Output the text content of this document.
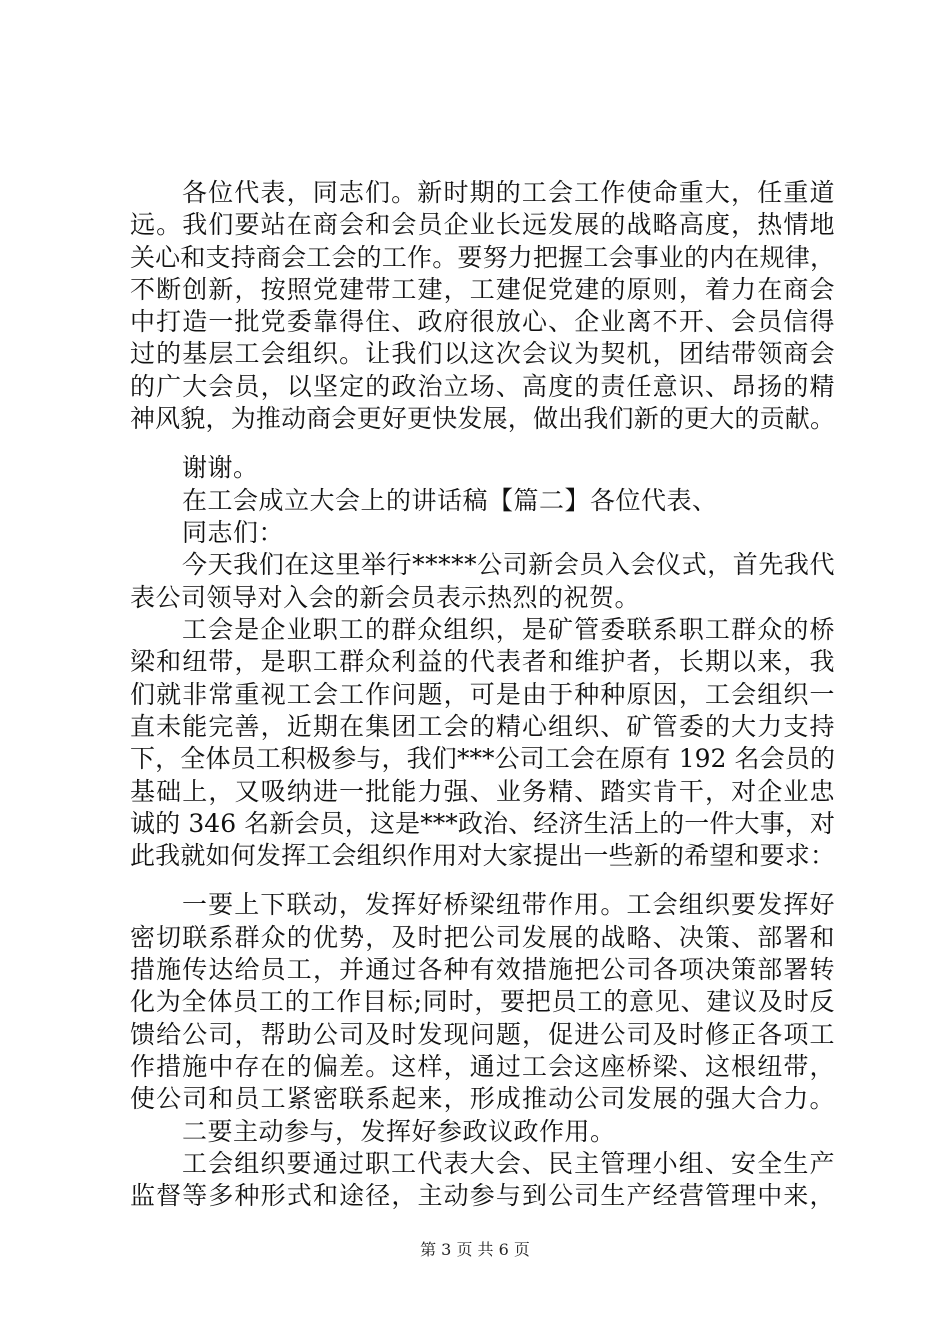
各位代表，同志们。新时期的工会工作使命重大，任重道
远。我们要站在商会和会员企业长远发展的战略高度，热情地
关心和支持商会工会的工作。要努力把握工会事业的内在规律，
不断创新，按照党建带工建，工建促党建的原则，着力在商会
中打造一批党委靠得住、政府很放心、企业离不开、会员信得
过的基层工会组织。让我们以这次会议为契机，团结带领商会
的广大会员，以坚定的政治立场、高度的责任意识、昂扬的精
神风貌，为推动商会更好更快发展，做出我们新的更大的贡献。
谢谢。
在工会成立大会上的讲话稿【篇二】各位代表、
同志们：
今天我们在这里举行*****公司新会员入会仪式，首先我代
表公司领导对入会的新会员表示热烈的祝贺。
工会是企业职工的群众组织，是矿管委联系职工群众的桥
梁和纽带，是职工群众利益的代表者和维护者，长期以来，我
们就非常重视工会工作问题，可是由于种种原因，工会组织一
直未能完善，近期在集团工会的精心组织、矿管委的大力支持
下，全体员工积极参与，我们***公司工会在原有 192 名会员的
基础上，又吸纳进一批能力强、业务精、踏实肯干，对企业忠
诚的 346 名新会员，这是***政治、经济生活上的一件大事，对
此我就如何发挥工会组织作用对大家提出一些新的希望和要求：
一要上下联动，发挥好桥梁纽带作用。工会组织要发挥好
密切联系群众的优势，及时把公司发展的战略、决策、部署和
措施传达给员工，并通过各种有效措施把公司各项决策部署转
化为全体员工的工作目标;同时，要把员工的意见、建议及时反
馈给公司，帮助公司及时发现问题，促进公司及时修正各项工
作措施中存在的偏差。这样，通过工会这座桥梁、这根纽带，
使公司和员工紧密联系起来，形成推动公司发展的强大合力。
二要主动参与，发挥好参政议政作用。
工会组织要通过职工代表大会、民主管理小组、安全生产
监督等多种形式和途径，主动参与到公司生产经营管理中来，
第 3 页 共 6 页
